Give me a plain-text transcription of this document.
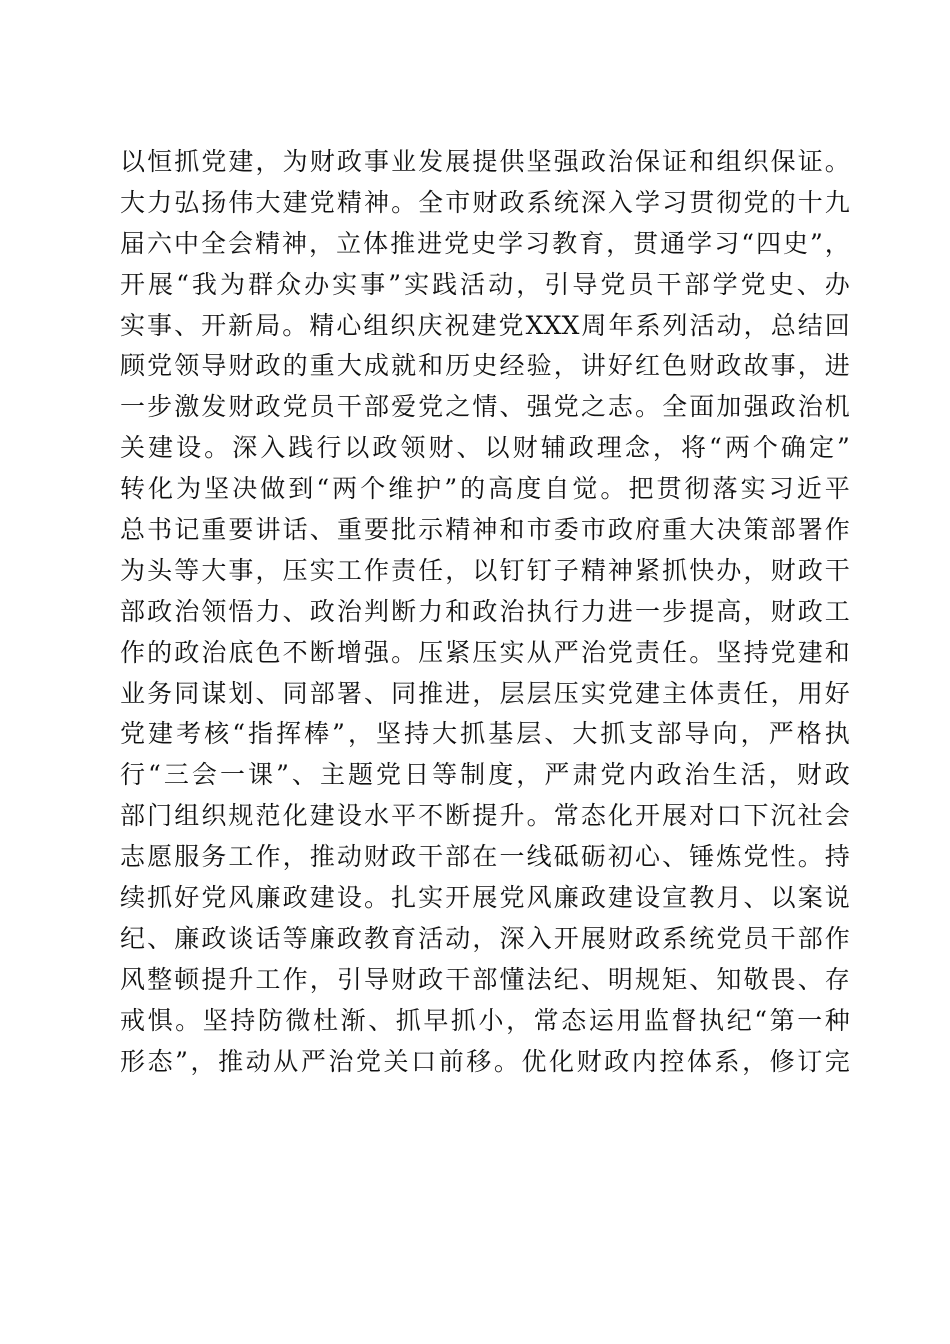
以恒抓党建，为财政事业发展提供坚强政治保证和组织保证。
大力弘扬伟大建党精神。全市财政系统深入学习贯彻党的十九
届六中全会精神，立体推进党史学习教育，贯通学习“四史”，
开展“我为群众办实事”实践活动，引导党员干部学党史、办
实事、开新局。精心组织庆祝建党XXX周年系列活动，总结回
顾党领导财政的重大成就和历史经验，讲好红色财政故事，进
一步激发财政党员干部爱党之情、强党之志。全面加强政治机
关建设。深入践行以政领财、以财辅政理念，将“两个确定”
转化为坚决做到“两个维护”的高度自觉。把贯彻落实习近平
总书记重要讲话、重要批示精神和市委市政府重大决策部署作
为头等大事，压实工作责任，以钉钉子精神紧抓快办，财政干
部政治领悟力、政治判断力和政治执行力进一步提高，财政工
作的政治底色不断增强。压紧压实从严治党责任。坚持党建和
业务同谋划、同部署、同推进，层层压实党建主体责任，用好
党建考核“指挥棒”，坚持大抓基层、大抓支部导向，严格执
行“三会一课”、主题党日等制度，严肃党内政治生活，财政
部门组织规范化建设水平不断提升。常态化开展对口下沉社会
志愿服务工作，推动财政干部在一线砥砺初心、锤炼党性。持
续抓好党风廉政建设。扎实开展党风廉政建设宣教月、以案说
纪、廉政谈话等廉政教育活动，深入开展财政系统党员干部作
风整顿提升工作，引导财政干部懂法纪、明规矩、知敬畏、存
戒惧。坚持防微杜渐、抓早抓小，常态运用监督执纪“第一种
形态”，推动从严治党关口前移。优化财政内控体系，修订完
